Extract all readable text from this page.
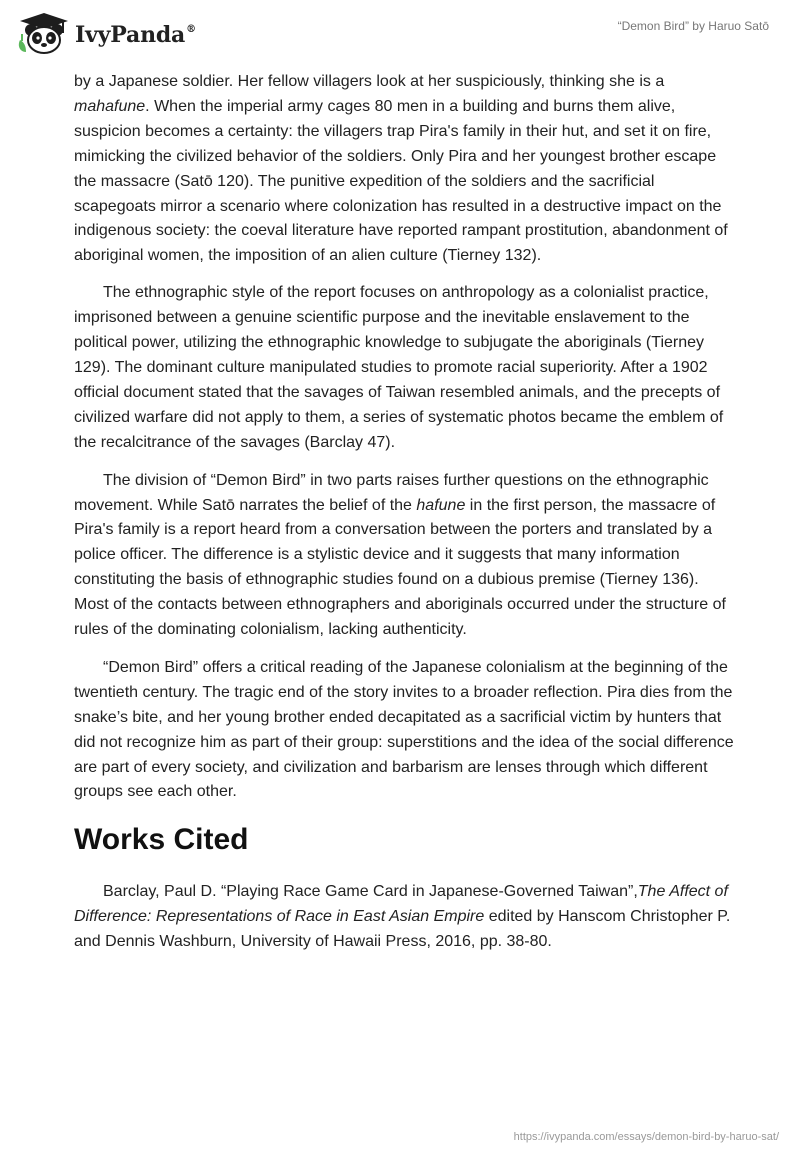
IvyPanda®	“Demon Bird” by Haruo Satō

by a Japanese soldier. Her fellow villagers look at her suspiciously, thinking she is a mahafune. When the imperial army cages 80 men in a building and burns them alive, suspicion becomes a certainty: the villagers trap Pira's family in their hut, and set it on fire, mimicking the civilized behavior of the soldiers. Only Pira and her youngest brother escape the massacre (Satō 120). The punitive expedition of the soldiers and the sacrificial scapegoats mirror a scenario where colonization has resulted in a destructive impact on the indigenous society: the coeval literature have reported rampant prostitution, abandonment of aboriginal women, the imposition of an alien culture (Tierney 132).

The ethnographic style of the report focuses on anthropology as a colonialist practice, imprisoned between a genuine scientific purpose and the inevitable enslavement to the political power, utilizing the ethnographic knowledge to subjugate the aboriginals (Tierney 129). The dominant culture manipulated studies to promote racial superiority. After a 1902 official document stated that the savages of Taiwan resembled animals, and the precepts of civilized warfare did not apply to them, a series of systematic photos became the emblem of the recalcitrance of the savages (Barclay 47).

The division of “Demon Bird” in two parts raises further questions on the ethnographic movement. While Satō narrates the belief of the hafune in the first person, the massacre of Pira's family is a report heard from a conversation between the porters and translated by a police officer. The difference is a stylistic device and it suggests that many information constituting the basis of ethnographic studies found on a dubious premise (Tierney 136). Most of the contacts between ethnographers and aboriginals occurred under the structure of rules of the dominating colonialism, lacking authenticity.

“Demon Bird” offers a critical reading of the Japanese colonialism at the beginning of the twentieth century. The tragic end of the story invites to a broader reflection. Pira dies from the snake’s bite, and her young brother ended decapitated as a sacrificial victim by hunters that did not recognize him as part of their group: superstitions and the idea of the social difference are part of every society, and civilization and barbarism are lenses through which different groups see each other.

Works Cited

Barclay, Paul D. “Playing Race Game Card in Japanese-Governed Taiwan”,The Affect of Difference: Representations of Race in East Asian Empire edited by Hanscom Christopher P. and Dennis Washburn, University of Hawaii Press, 2016, pp. 38-80.

https://ivypanda.com/essays/demon-bird-by-haruo-sat/
